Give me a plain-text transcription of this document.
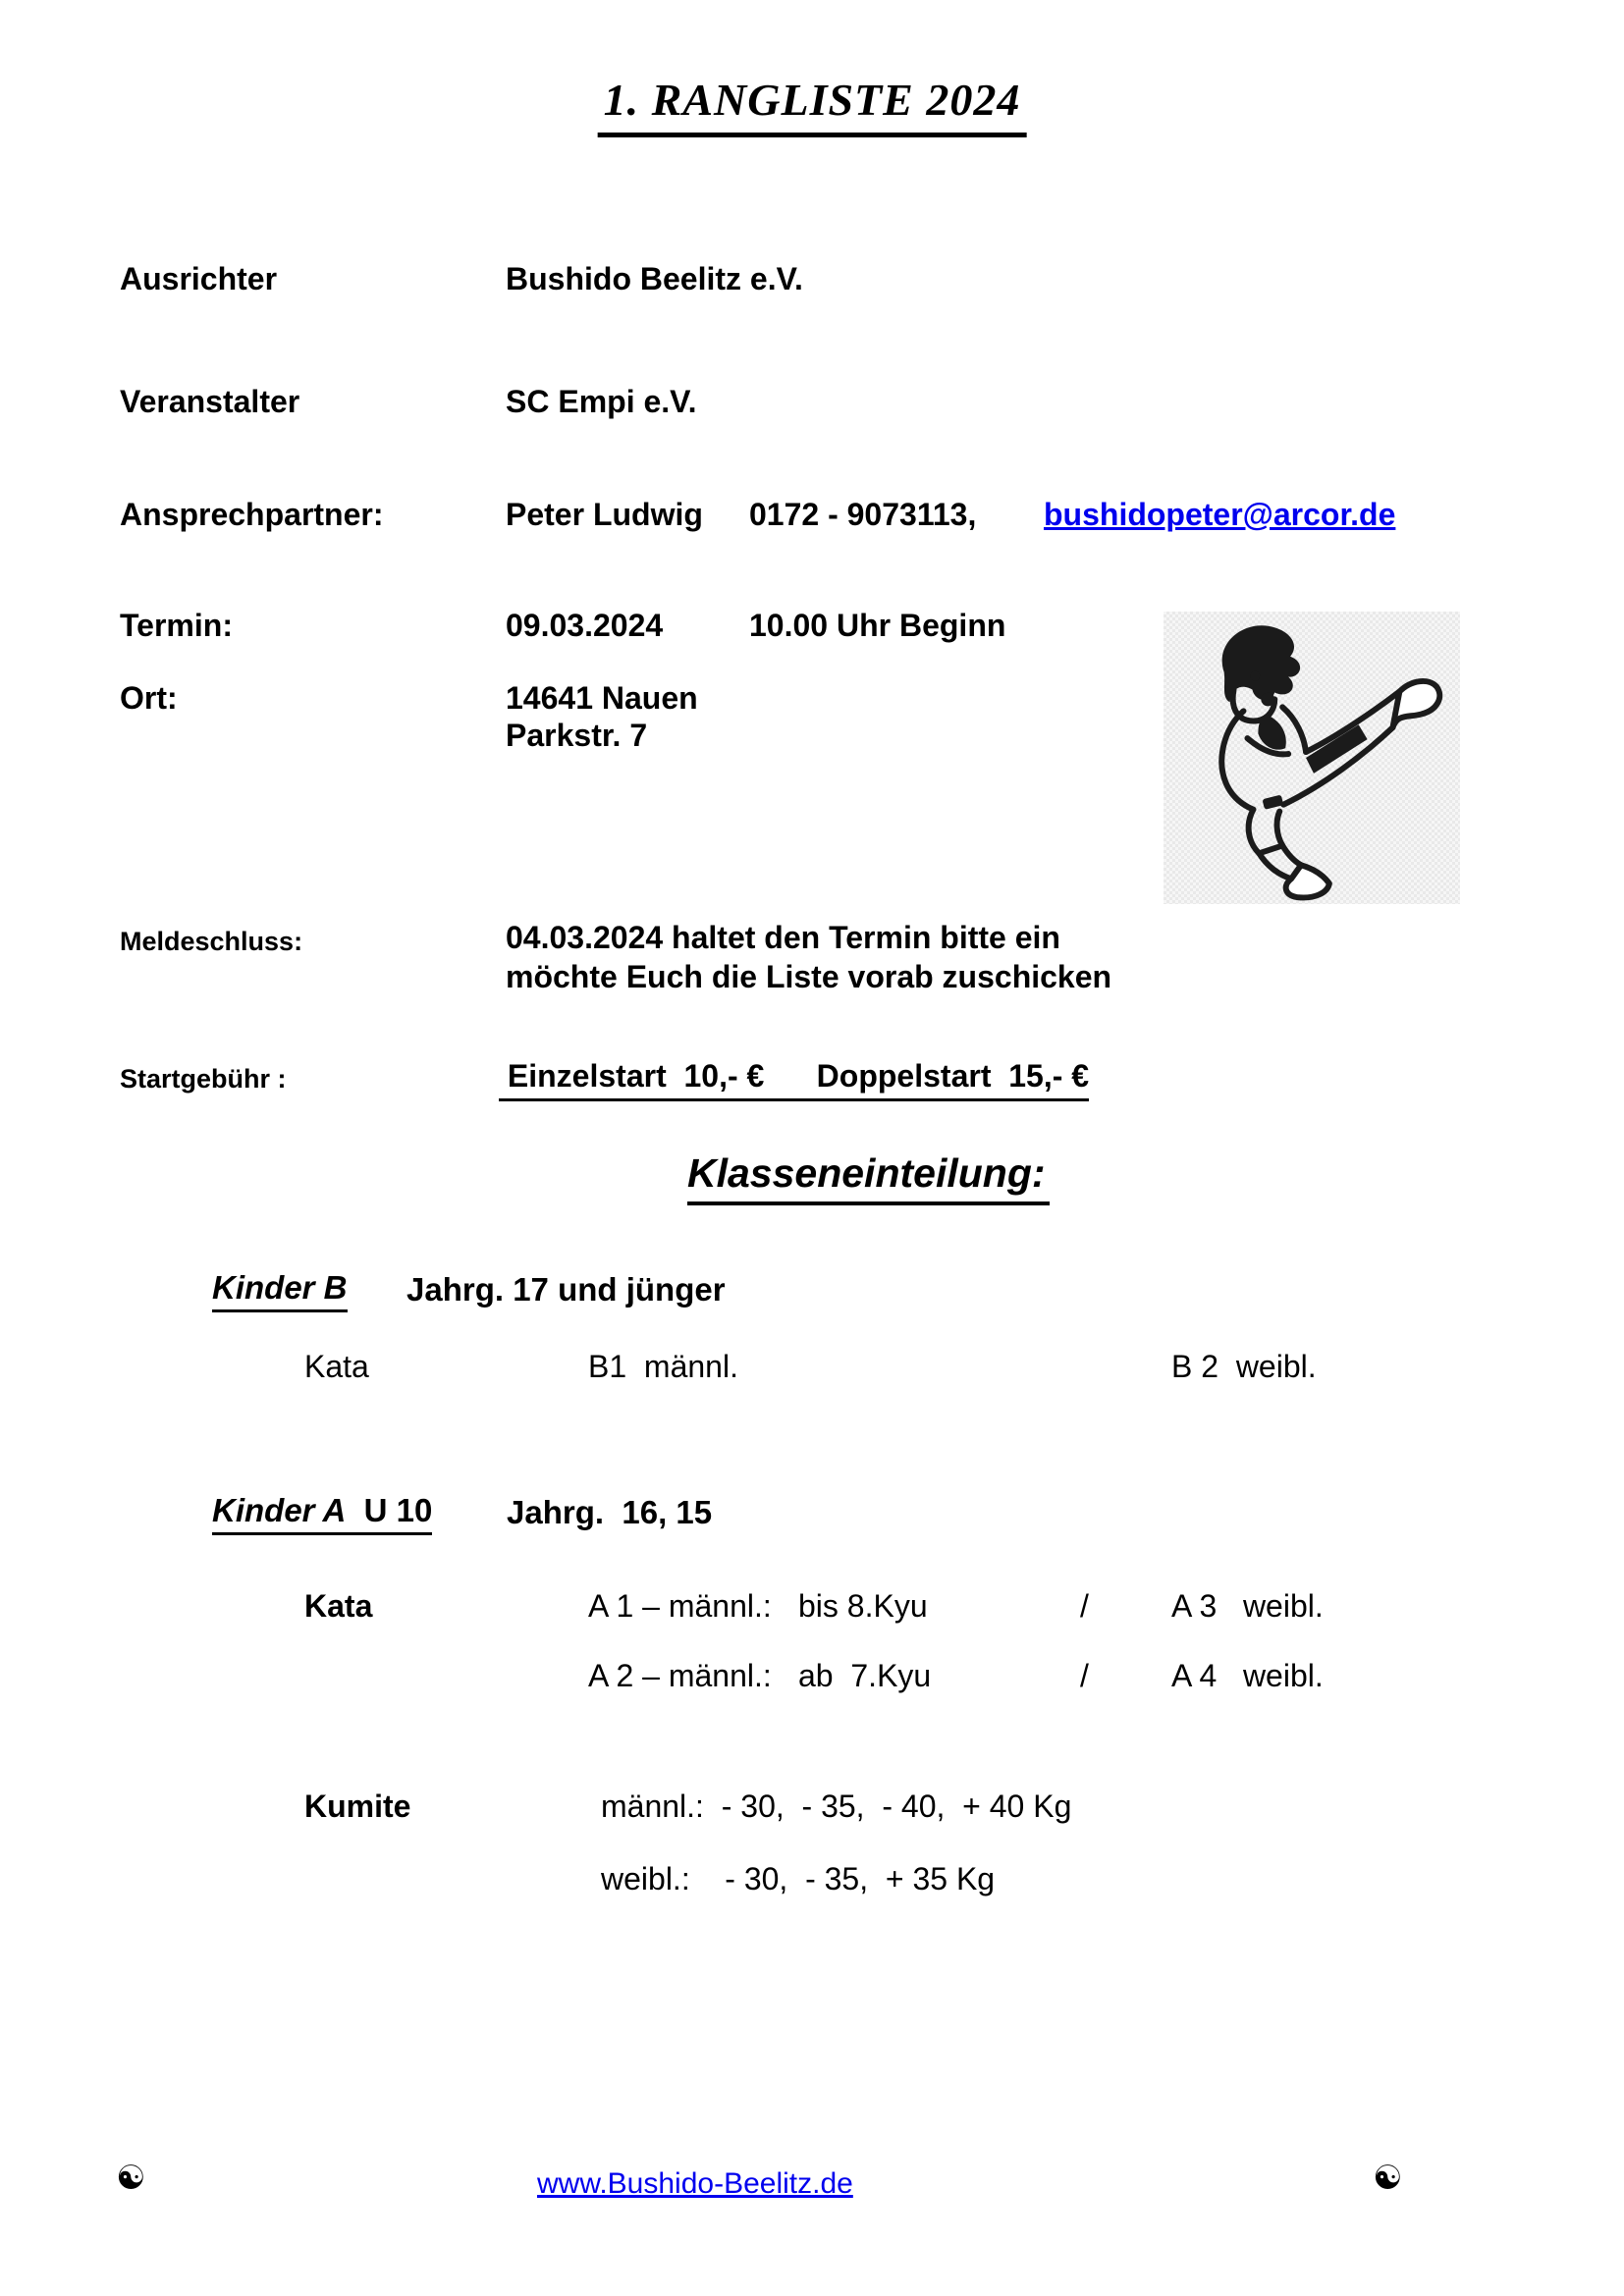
1. RANGLISTE 2024
Ausrichter	Bushido Beelitz e.V.
Veranstalter	SC Empi e.V.
Ansprechpartner:	Peter Ludwig 0172 - 9073113, bushidopeter@arcor.de
Termin:	09.03.2024	10.00 Uhr Beginn
Ort:	14641 Nauen
Parkstr. 7
Meldeschluss:	04.03.2024 haltet den Termin bitte ein
möchte Euch die Liste vorab zuschicken
Startgebühr :	Einzelstart  10,- €      Doppelstart  15,- €
Klasseneinteilung:
Kinder B Jahrg. 17 und jünger
Kata	B1  männl.	B 2  weibl.
Kinder A  U 10 Jahrg.  16, 15
Kata	A 1 – männl.: bis 8.Kyu	/	A 3   weibl.
A 2 – männl.: ab  7.Kyu	/	A 4   weibl.
Kumite	männl.:  - 30,  - 35,  - 40,  + 40 Kg
weibl.:    - 30,  - 35,  + 35 Kg
☯	www.Bushido-Beelitz.de	☯
